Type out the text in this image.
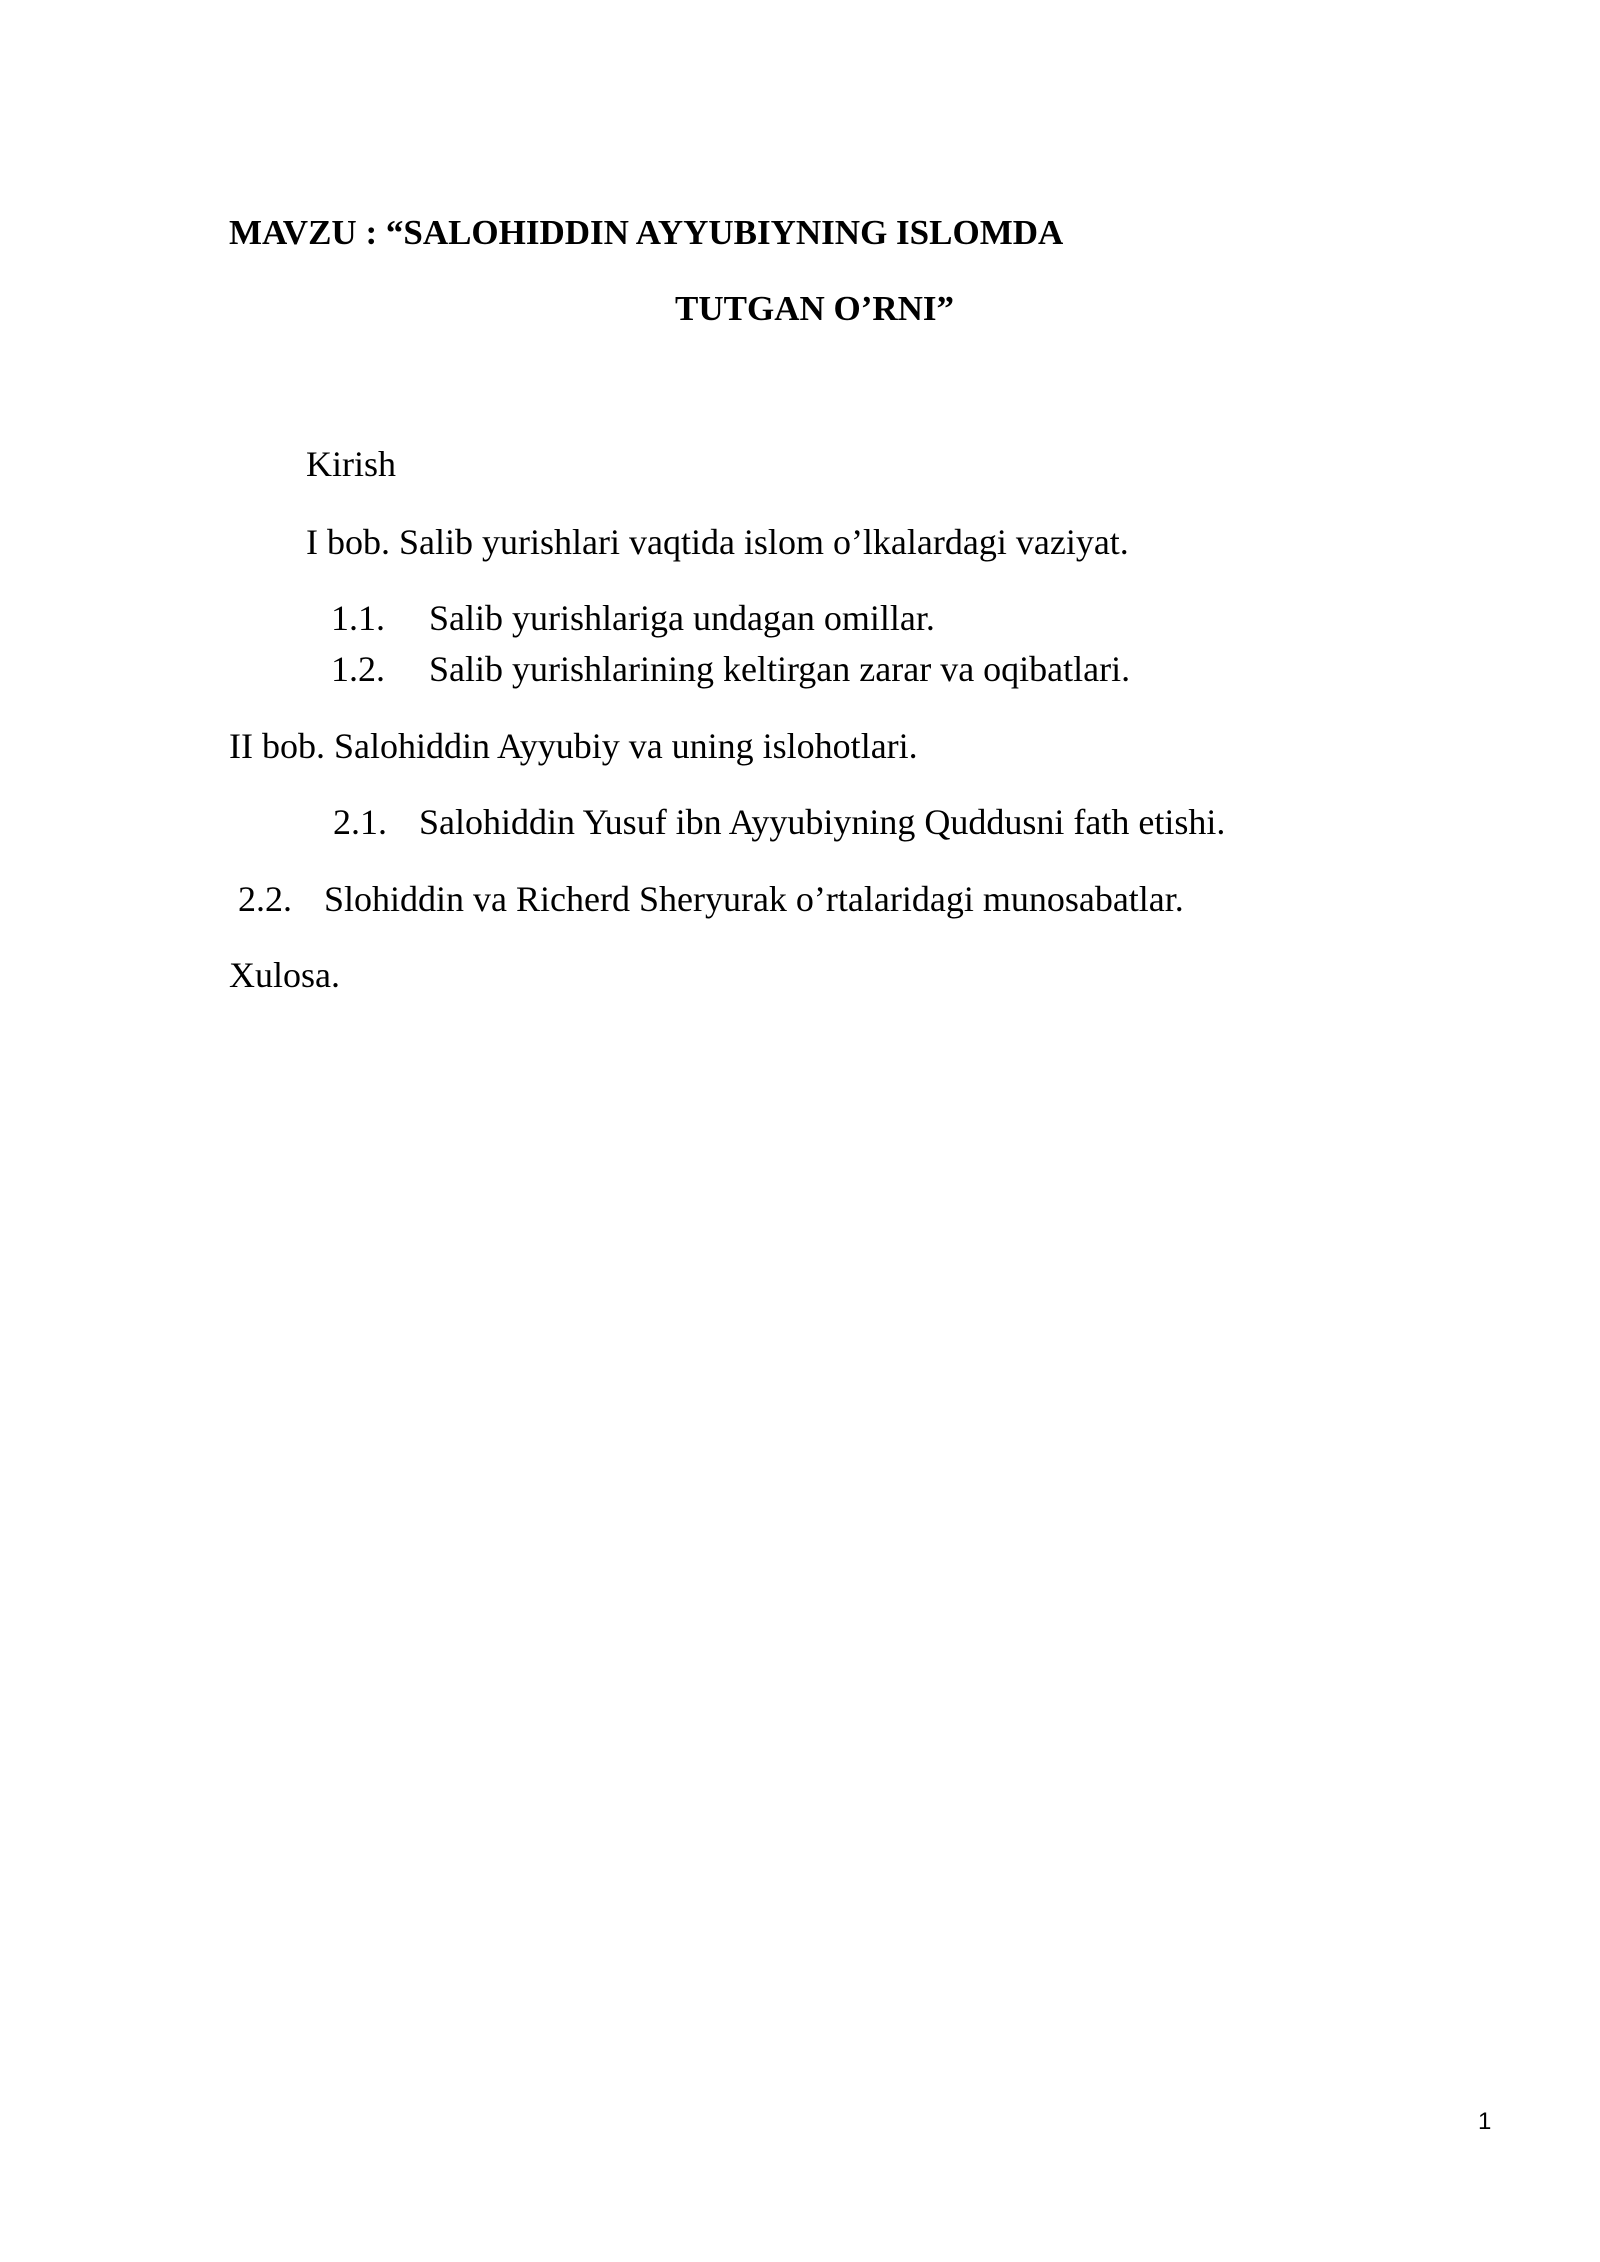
MAVZU : “SALOHIDDIN AYYUBIYNING ISLOMDA
TUTGAN O’RNI”
Kirish
I bob. Salib yurishlari vaqtida islom o’lkalardagi vaziyat.
1.1. Salib yurishlariga undagan omillar.
1.2. Salib yurishlarining keltirgan zarar va oqibatlari.
II bob. Salohiddin Ayyubiy va uning islohotlari.
2.1. Salohiddin Yusuf ibn Ayyubiyning Quddusni fath etishi.
2.2. Slohiddin va Richerd Sheryurak o’rtalaridagi munosabatlar.
Xulosa.
1
